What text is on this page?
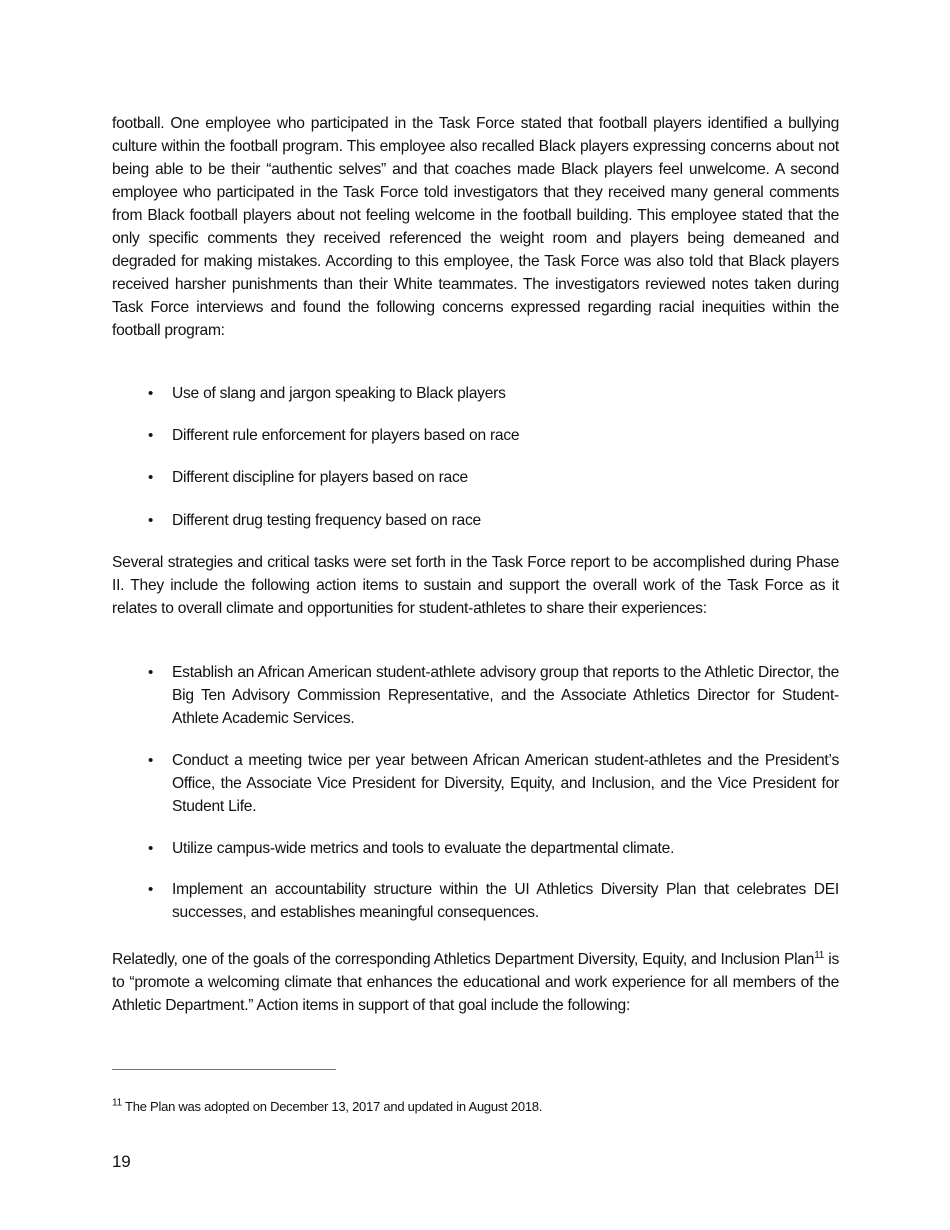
football. One employee who participated in the Task Force stated that football players identified a bullying culture within the football program. This employee also recalled Black players expressing concerns about not being able to be their “authentic selves” and that coaches made Black players feel unwelcome. A second employee who participated in the Task Force told investigators that they received many general comments from Black football players about not feeling welcome in the football building. This employee stated that the only specific comments they received referenced the weight room and players being demeaned and degraded for making mistakes. According to this employee, the Task Force was also told that Black players received harsher punishments than their White teammates. The investigators reviewed notes taken during Task Force interviews and found the following concerns expressed regarding racial inequities within the football program:

• Use of slang and jargon speaking to Black players

• Different rule enforcement for players based on race

• Different discipline for players based on race

• Different drug testing frequency based on race

Several strategies and critical tasks were set forth in the Task Force report to be accomplished during Phase II. They include the following action items to sustain and support the overall work of the Task Force as it relates to overall climate and opportunities for student-athletes to share their experiences:

• Establish an African American student-athlete advisory group that reports to the Athletic Director, the Big Ten Advisory Commission Representative, and the Associate Athletics Director for Student-Athlete Academic Services.

• Conduct a meeting twice per year between African American student-athletes and the President’s Office, the Associate Vice President for Diversity, Equity, and Inclusion, and the Vice President for Student Life.

• Utilize campus-wide metrics and tools to evaluate the departmental climate.

• Implement an accountability structure within the UI Athletics Diversity Plan that celebrates DEI successes, and establishes meaningful consequences.

Relatedly, one of the goals of the corresponding Athletics Department Diversity, Equity, and Inclusion Plan$^{11}$ is to “promote a welcoming climate that enhances the educational and work experience for all members of the Athletic Department.” Action items in support of that goal include the following:

$^{11}$ The Plan was adopted on December 13, 2017 and updated in August 2018.
19
